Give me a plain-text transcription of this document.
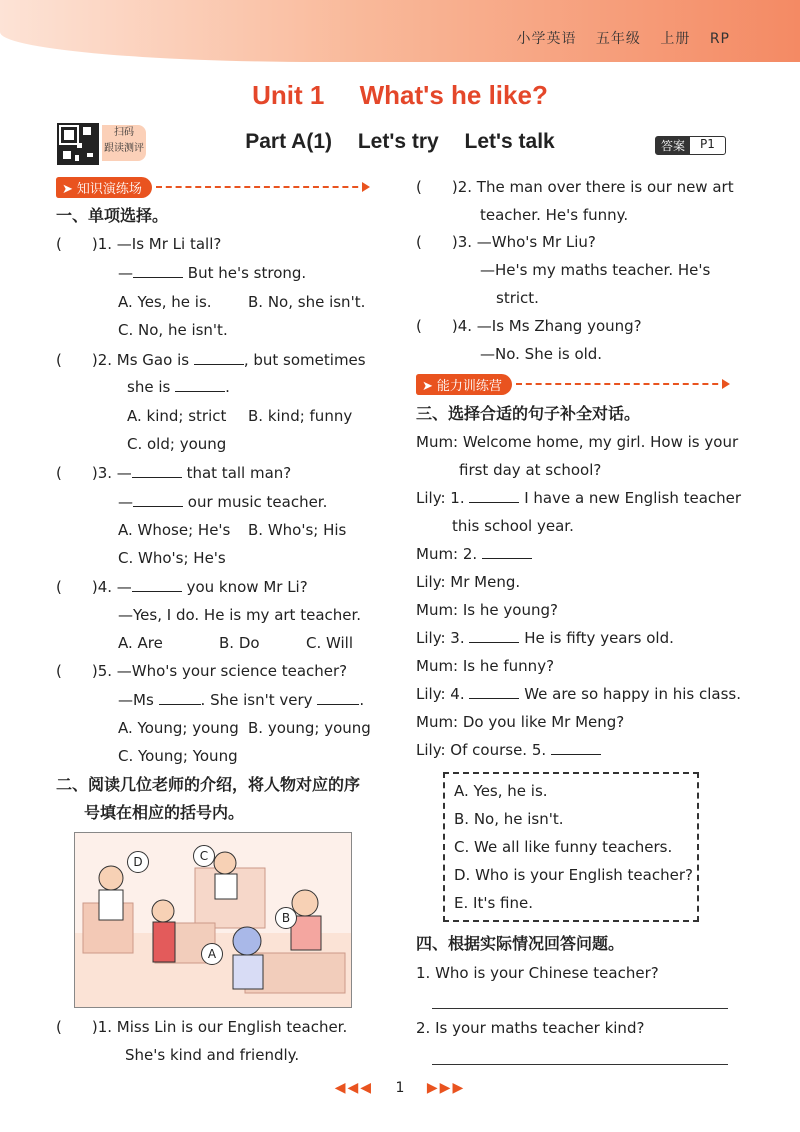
小学英语 五年级 上册 RP
Unit 1 What's he like?
扫码
跟读测评	Part A(1) Let's try Let's talk	答案	P1
➤ 知识演练场
一、单项选择。
(　　)1. —Is Mr Li tall?
—	But he's strong.
A. Yes, he is. B. No, she isn't.
C. No, he isn't.
(　　)2. Ms Gao is	, but sometimes
she is	.
A. kind; strict B. kind; funny
C. old; young
(　　)3. —	that tall man?
—	our music teacher.
A. Whose; He's B. Who's; His
C. Who's; He's
(　　)4. —	you know Mr Li?
—Yes, I do. He is my art teacher.
A. Are	B. Do	C. Will
(　　)5. —Who's your science teacher?
—Ms	. She isn't very	.
A. Young; young B. young; young
C. Young; Young
二、阅读几位老师的介绍，将人物对应的序
号填在相应的括号内。
D	C
B
A
(　　)1. Miss Lin is our English teacher.
She's kind and friendly.
(　　)2. The man over there is our new art
teacher. He's funny.
(　　)3. —Who's Mr Liu?
—He's my maths teacher. He's
strict.
(　　)4. —Is Ms Zhang young?
—No. She is old.
➤ 能力训练营
三、选择合适的句子补全对话。
Mum: Welcome home, my girl. How is your
first day at school?
Lily: 1.	I have a new English teacher
this school year.
Mum: 2.
Lily: Mr Meng.
Mum: Is he young?
Lily: 3.	He is fifty years old.
Mum: Is he funny?
Lily: 4.	We are so happy in his class.
Mum: Do you like Mr Meng?
Lily: Of course. 5.
A. Yes, he is.
B. No, he isn't.
C. We all like funny teachers.
D. Who is your English teacher?
E. It's fine.
四、根据实际情况回答问题。
1. Who is your Chinese teacher?
2. Is your maths teacher kind?
◀◀◀ 1 ▶▶▶
